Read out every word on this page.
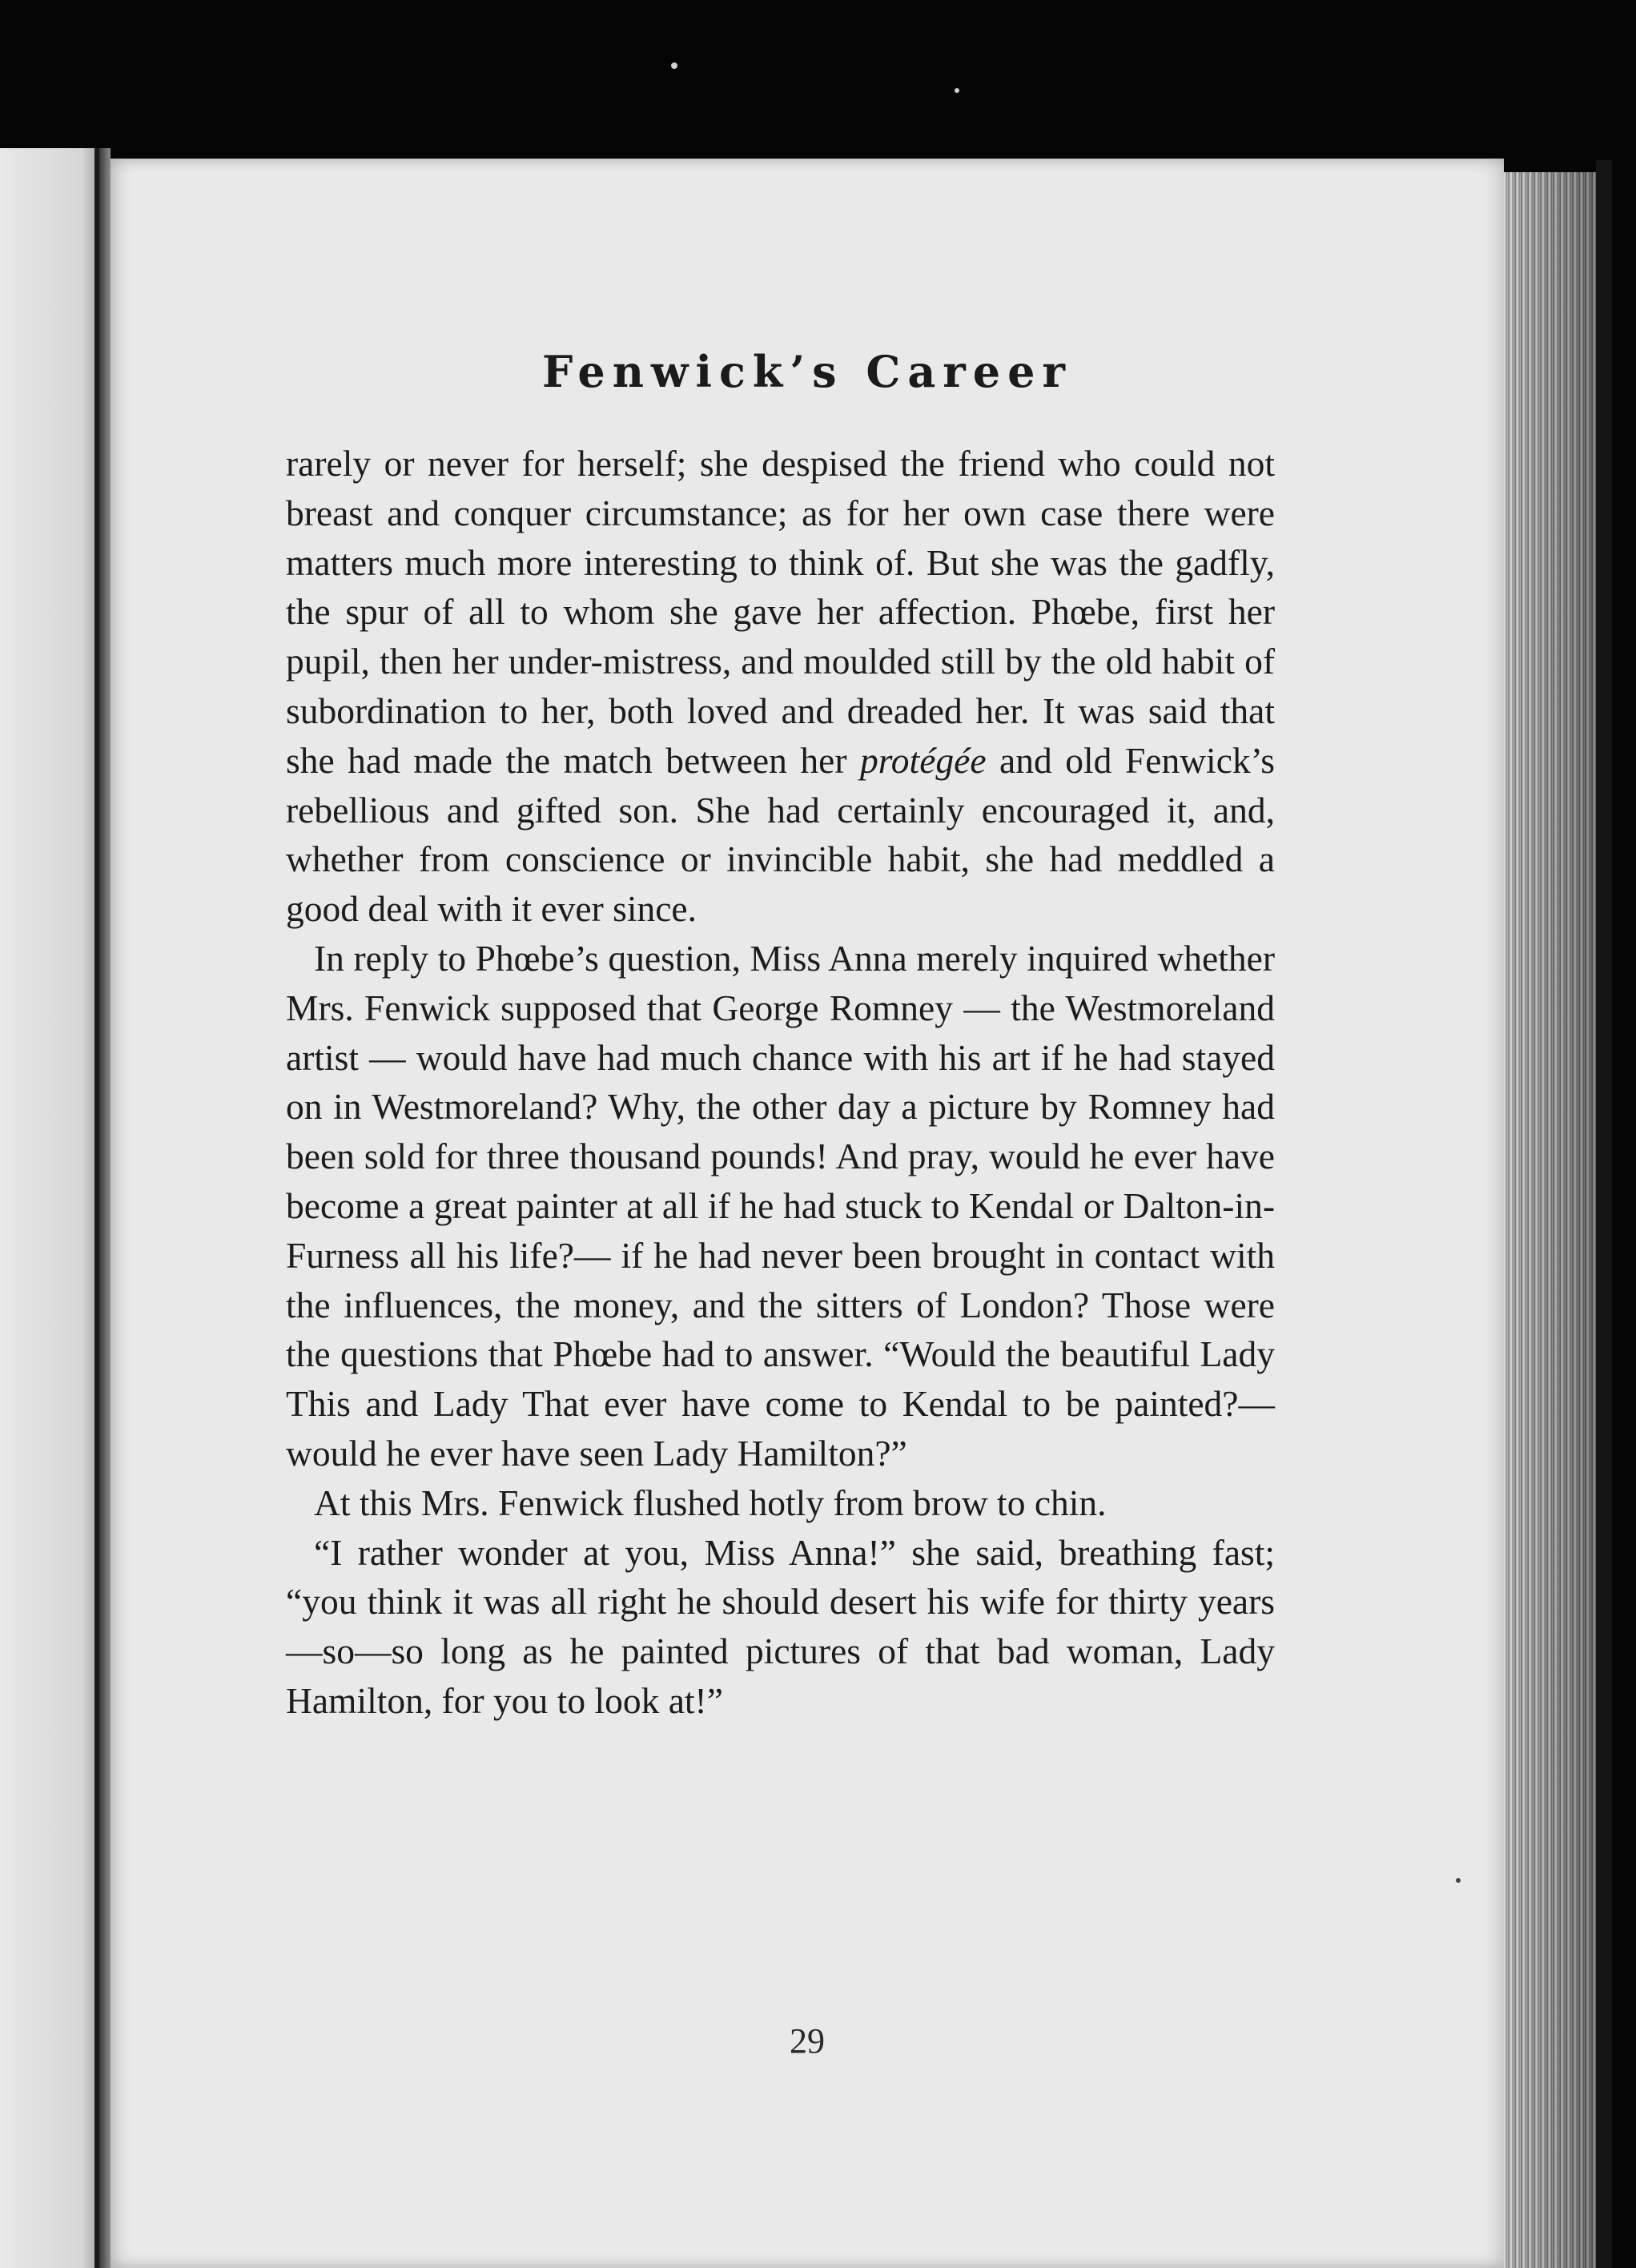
Fenwick’s Career

rarely or never for herself; she despised the friend who could not breast and conquer circumstance; as for her own case there were matters much more interesting to think of. But she was the gadfly, the spur of all to whom she gave her affection. Phœbe, first her pupil, then her under-mistress, and moulded still by the old habit of subordination to her, both loved and dreaded her. It was said that she had made the match between her protégée and old Fenwick’s rebellious and gifted son. She had certainly encouraged it, and, whether from conscience or invincible habit, she had meddled a good deal with it ever since.

In reply to Phœbe’s question, Miss Anna merely inquired whether Mrs. Fenwick supposed that George Romney — the Westmoreland artist — would have had much chance with his art if he had stayed on in Westmoreland? Why, the other day a picture by Romney had been sold for three thousand pounds! And pray, would he ever have become a great painter at all if he had stuck to Kendal or Dalton-in-Furness all his life?— if he had never been brought in contact with the influences, the money, and the sitters of London? Those were the questions that Phœbe had to answer. “Would the beautiful Lady This and Lady That ever have come to Kendal to be painted?—would he ever have seen Lady Hamilton?”

At this Mrs. Fenwick flushed hotly from brow to chin.

“I rather wonder at you, Miss Anna!” she said, breathing fast; “you think it was all right he should desert his wife for thirty years—so—so long as he painted pictures of that bad woman, Lady Hamilton, for you to look at!”

29
